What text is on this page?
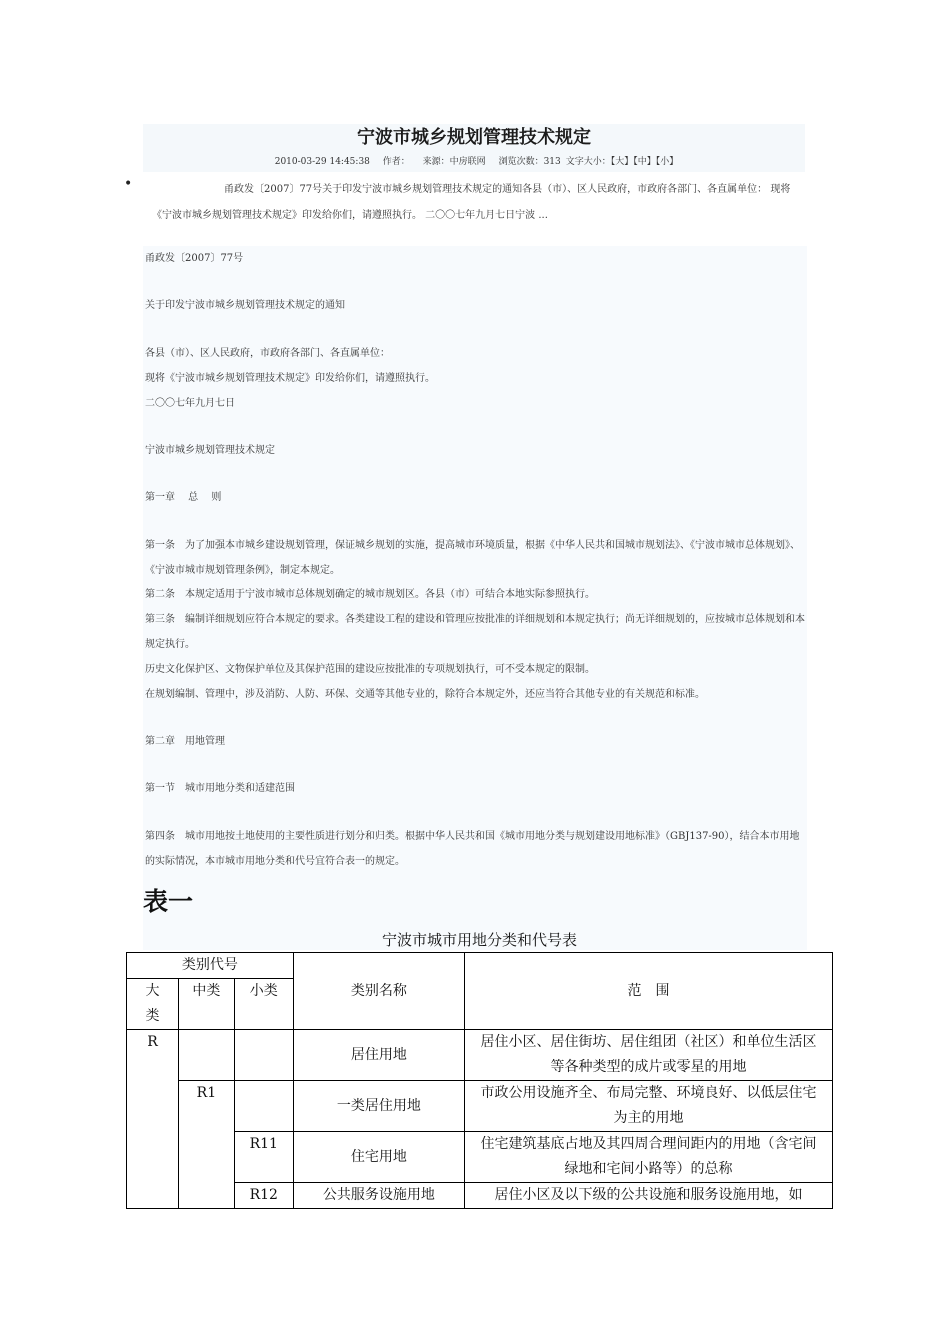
宁波市城乡规划管理技术规定
2010-03-29 14:45:38 作者： 来源：中房联网 浏览次数：313 文字大小：【大】【中】【小】
•	甬政发〔2007〕77号关于印发宁波市城乡规划管理技术规定的通知各县（市）、区人民政府，市政府各部门、各直属单位： 现将《宁波市城乡规划管理技术规定》印发给你们，请遵照执行。 二〇〇七年九月七日宁波 ...
甬政发〔2007〕77号
关于印发宁波市城乡规划管理技术规定的通知
各县（市）、区人民政府，市政府各部门、各直属单位：
现将《宁波市城乡规划管理技术规定》印发给你们，请遵照执行。
二〇〇七年九月七日
宁波市城乡规划管理技术规定
第一章　 总　 则
第一条　为了加强本市城乡建设规划管理，保证城乡规划的实施，提高城市环境质量，根据《中华人民共和国城市规划法》、《宁波市城市总体规划》、《宁波市城市规划管理条例》，制定本规定。
第二条　本规定适用于宁波市城市总体规划确定的城市规划区。各县（市）可结合本地实际参照执行。
第三条　编制详细规划应符合本规定的要求。各类建设工程的建设和管理应按批准的详细规划和本规定执行；尚无详细规划的，应按城市总体规划和本规定执行。
历史文化保护区、文物保护单位及其保护范围的建设应按批准的专项规划执行，可不受本规定的限制。
在规划编制、管理中，涉及消防、人防、环保、交通等其他专业的，除符合本规定外，还应当符合其他专业的有关规范和标准。
第二章　用地管理
第一节　城市用地分类和适建范围
第四条　城市用地按土地使用的主要性质进行划分和归类。根据中华人民共和国《城市用地分类与规划建设用地标准》（GBJ137-90），结合本市用地的实际情况，本市城市用地分类和代号宜符合表一的规定。
表一
宁波市城市用地分类和代号表
类别代号			类别名称	范　围
大类	中类	小类		
R			居住用地	居住小区、居住街坊、居住组团（社区）和单位生活区等各种类型的成片或零星的用地
	R1		一类居住用地	市政公用设施齐全、布局完整、环境良好、以低层住宅为主的用地
		R11	住宅用地	住宅建筑基底占地及其四周合理间距内的用地（含宅间绿地和宅间小路等）的总称
		R12	公共服务设施用地	居住小区及以下级的公共设施和服务设施用地，如
